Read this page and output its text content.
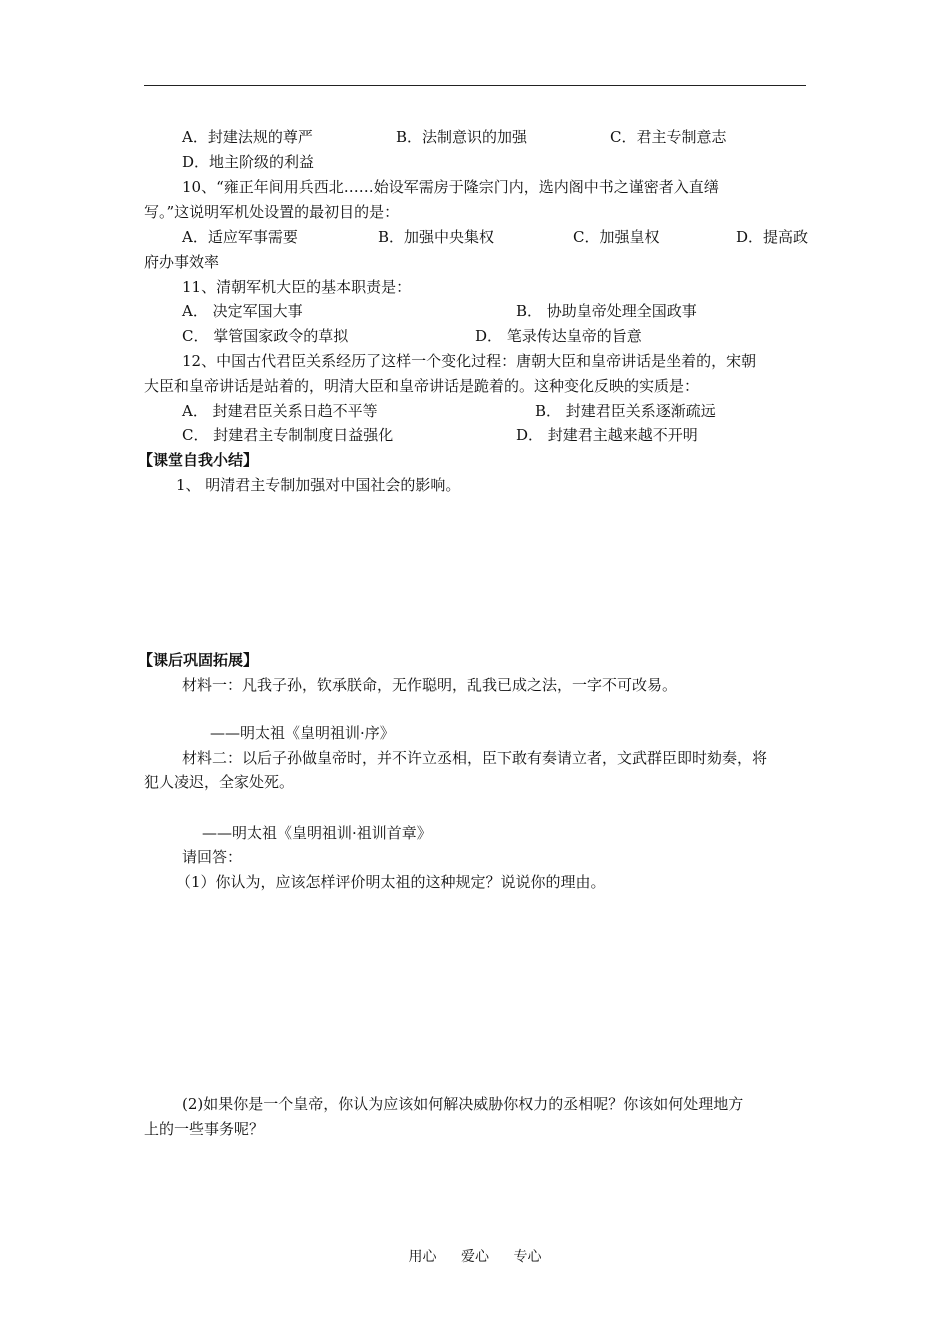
A．封建法规的尊严	B．法制意识的加强	C．君主专制意志
D．地主阶级的利益
10、“雍正年间用兵西北……始设军需房于隆宗门内，选内阁中书之谨密者入直缮
写。”这说明军机处设置的最初目的是：
A．适应军事需要	B．加强中央集权	C．加强皇权	D．提高政
府办事效率
11、清朝军机大臣的基本职责是：
A． 决定军国大事	B． 协助皇帝处理全国政事
C． 掌管国家政令的草拟	D． 笔录传达皇帝的旨意
12、中国古代君臣关系经历了这样一个变化过程：唐朝大臣和皇帝讲话是坐着的，宋朝
大臣和皇帝讲话是站着的，明清大臣和皇帝讲话是跪着的。这种变化反映的实质是：
A． 封建君臣关系日趋不平等	B． 封建君臣关系逐渐疏远
C． 封建君主专制制度日益强化	D． 封建君主越来越不开明
【课堂自我小结】
1、 明清君主专制加强对中国社会的影响。
【课后巩固拓展】
材料一：凡我子孙，钦承朕命，无作聪明，乱我已成之法，一字不可改易。
——明太祖《皇明祖训·序》
材料二：以后子孙做皇帝时，并不许立丞相，臣下敢有奏请立者，文武群臣即时劾奏，将
犯人凌迟，全家处死。
——明太祖《皇明祖训·祖训首章》
请回答：
（1）你认为，应该怎样评价明太祖的这种规定？说说你的理由。
(2)如果你是一个皇帝，你认为应该如何解决威胁你权力的丞相呢？你该如何处理地方
上的一些事务呢？
用心 爱心 专心
